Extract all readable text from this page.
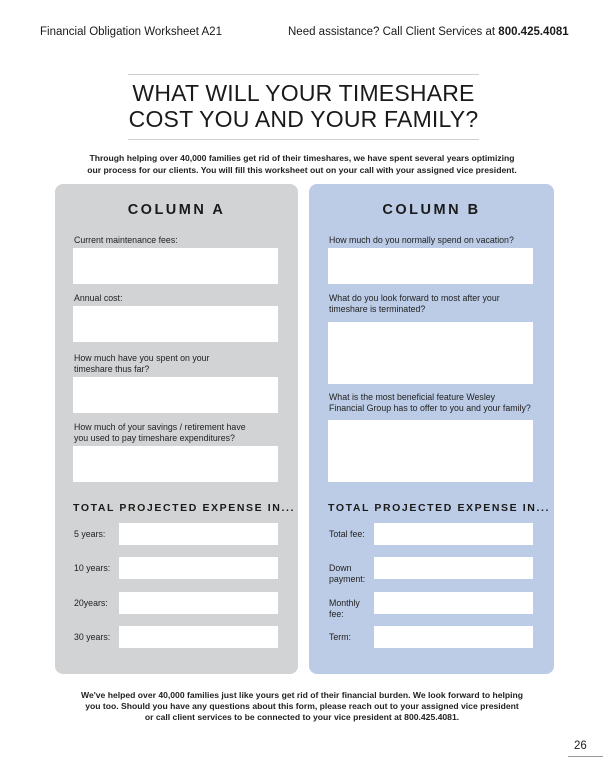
Financial Obligation Worksheet A21	Need assistance? Call Client Services at 800.425.4081
WHAT WILL YOUR TIMESHARE
COST YOU AND YOUR FAMILY?
Through helping over 40,000 families get rid of their timeshares, we have spent several years optimizing
our process for our clients. You will fill this worksheet out on your call with your assigned vice president.
COLUMN A
Current maintenance fees:
Annual cost:
How much have you spent on your
timeshare thus far?
How much of your savings / retirement have
you used to pay timeshare expenditures?
TOTAL PROJECTED EXPENSE IN...
5 years:
10 years:
20years:
30 years:
COLUMN B
How much do you normally spend on vacation?
What do you look forward to most after your
timeshare is terminated?
What is the most beneficial feature Wesley
Financial Group has to offer to you and your family?
TOTAL PROJECTED EXPENSE IN...
Total fee:
Down
payment:
Monthly
fee:
Term:
We've helped over 40,000 families just like yours get rid of their financial burden. We look forward to helping
you too. Should you have any questions about this form, please reach out to your assigned vice president
or call client services to be connected to your vice president at 800.425.4081.
26
